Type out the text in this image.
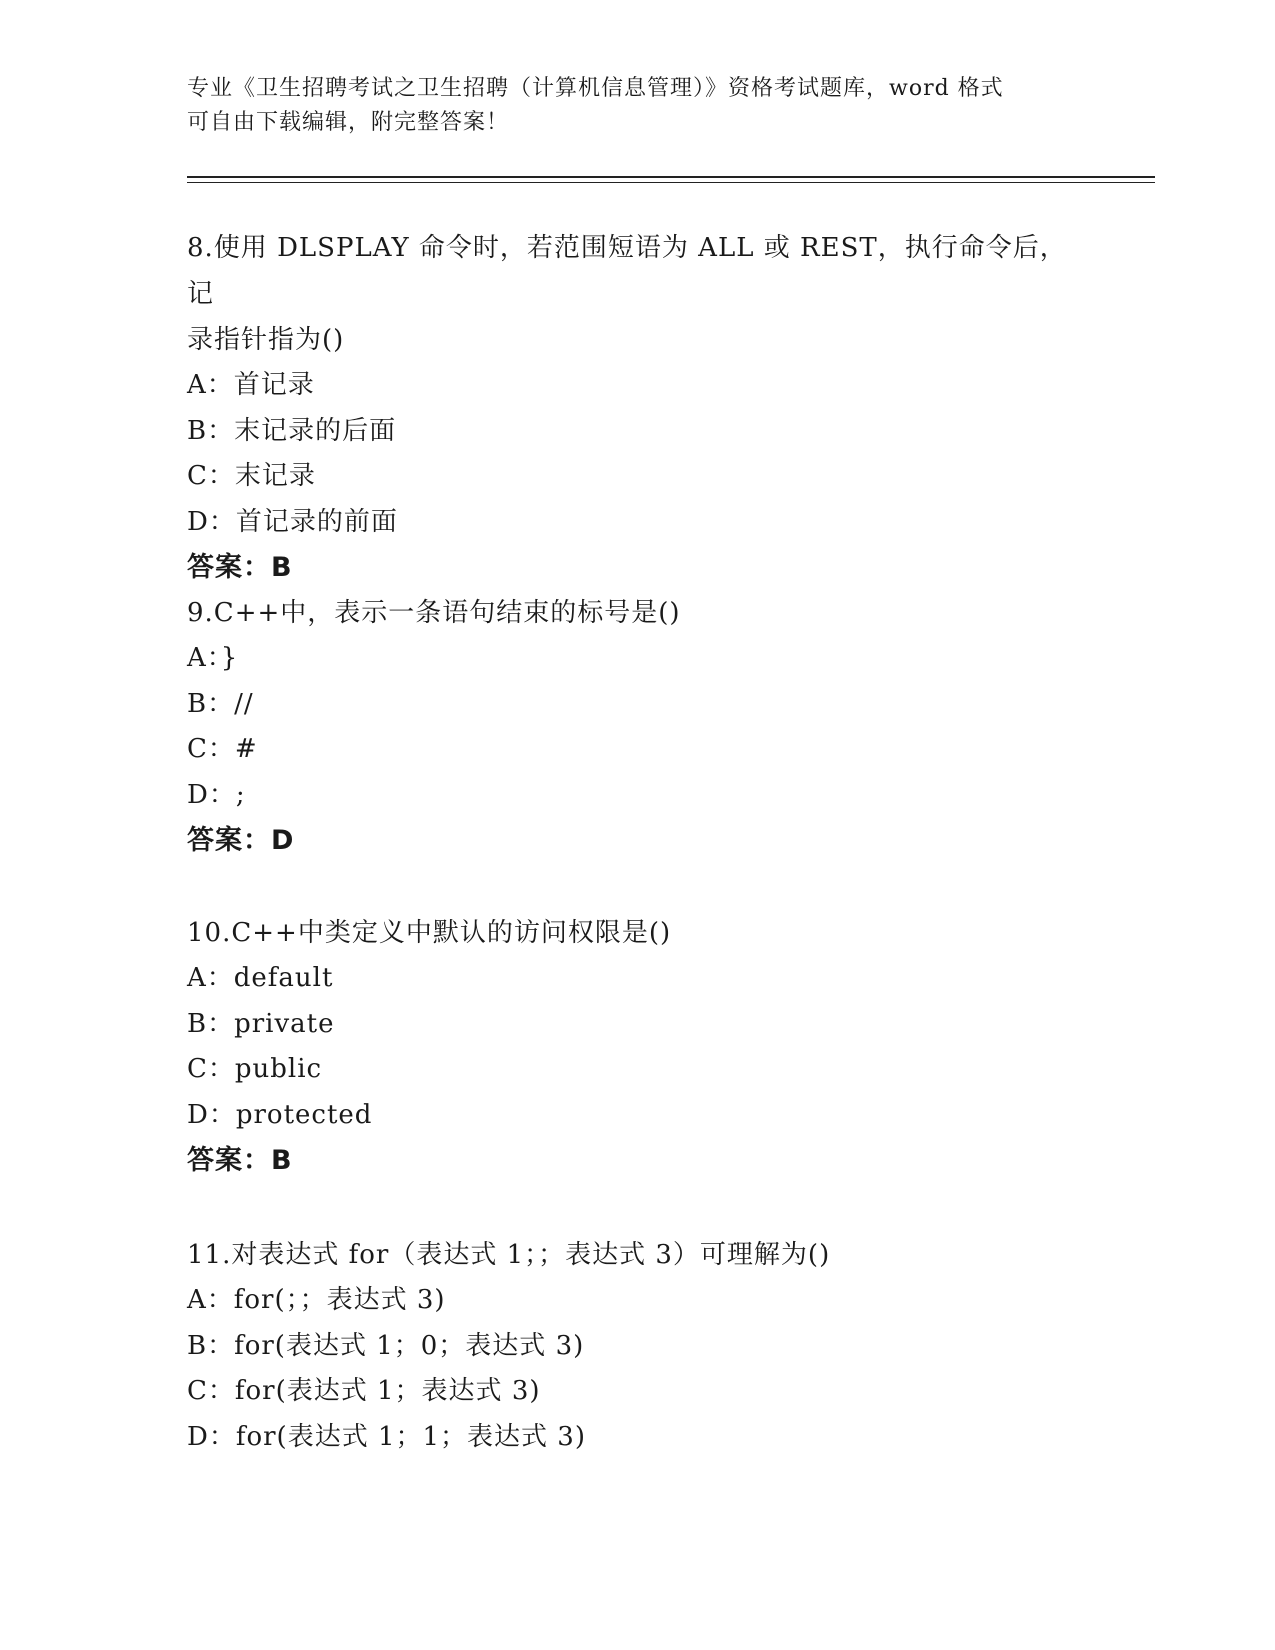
专业《卫生招聘考试之卫生招聘（计算机信息管理）》资格考试题库，word 格式
可自由下载编辑，附完整答案！
8.使用 DLSPLAY 命令时，若范围短语为 ALL 或 REST，执行命令后，记
录指针指为()
A：首记录
B：末记录的后面
C：末记录
D：首记录的前面
答案：B
9.C++中，表示一条语句结束的标号是()
A：}
B：//
C：#
D：;
答案：D
10.C++中类定义中默认的访问权限是()
A：default
B：private
C：public
D：protected
答案：B
11.对表达式 for（表达式 1；；表达式 3）可理解为()
A：for(；；表达式 3)
B：for(表达式 1；0；表达式 3)
C：for(表达式 1；表达式 3)
D：for(表达式 1；1；表达式 3)
